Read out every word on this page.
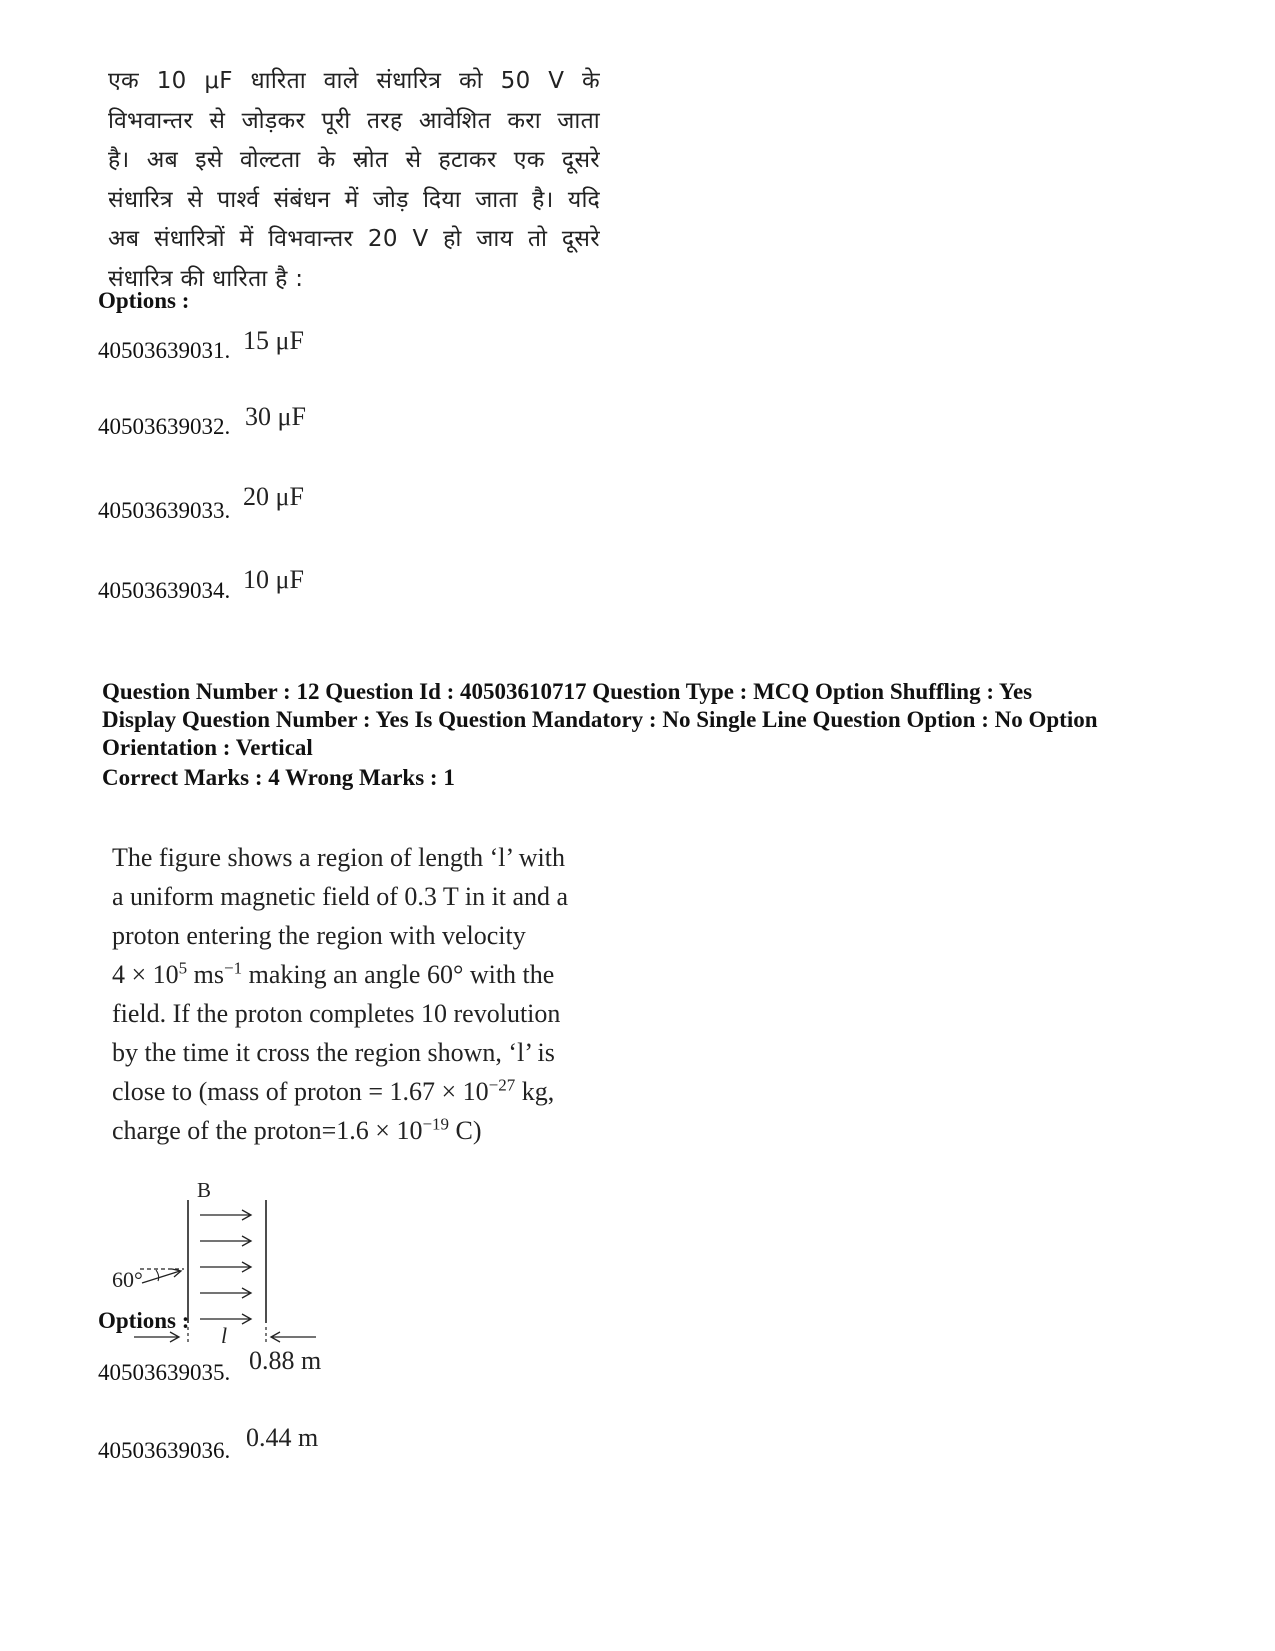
एक 10 μF धारिता वाले संधारित्र को 50 V के
विभवान्तर से जोड़कर पूरी तरह आवेशित करा जाता
है। अब इसे वोल्टता के स्रोत से हटाकर एक दूसरे
संधारित्र से पार्श्व संबंधन में जोड़ दिया जाता है। यदि
अब संधारित्रों में विभवान्तर 20 V हो जाय तो दूसरे
संधारित्र की धारिता है :
Options :
40503639031. 15 μF
40503639032. 30 μF
40503639033. 20 μF
40503639034. 10 μF
Question Number : 12 Question Id : 40503610717 Question Type : MCQ Option Shuffling : Yes
Display Question Number : Yes Is Question Mandatory : No Single Line Question Option : No Option
Orientation : Vertical
Correct Marks : 4 Wrong Marks : 1
The figure shows a region of length ‘l’ with
a uniform magnetic field of 0.3 T in it and a
proton entering the region with velocity
$4 \times 10^5$ $ms^{-1}$ making an angle 60° with the
field. If the proton completes 10 revolution
by the time it cross the region shown, ‘l’ is
close to (mass of proton = $1.67 \times 10^{-27}$ kg,
charge of the proton=1.6 × $10^{-19}$ C)
B
60°
l
Options :
40503639035. 0.88 m
40503639036. 0.44 m
